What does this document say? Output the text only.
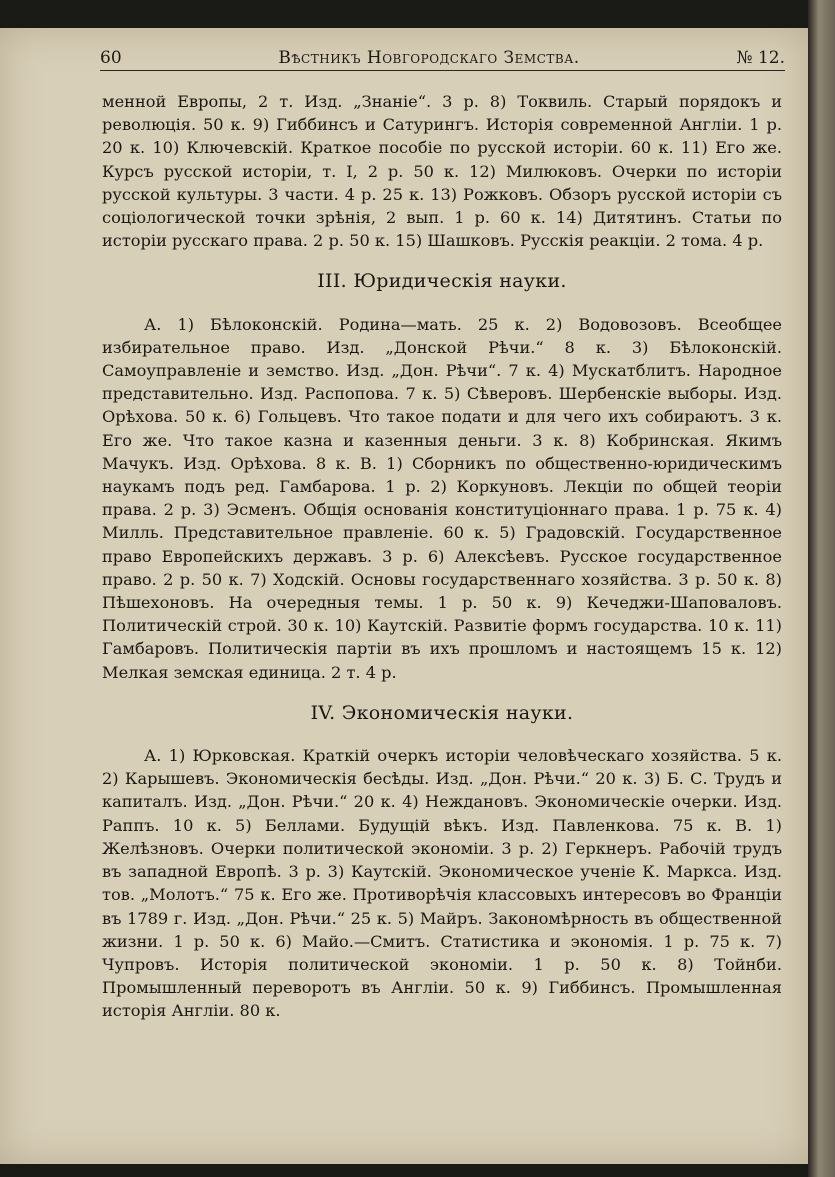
60	Вѣстникъ Новгородскаго Земства.	№ 12.

менной Европы, 2 т. Изд. „Знаніе“. 3 р. 8) Токвиль. Старый порядокъ и революція. 50 к. 9) Гиббинсъ и Сатурингъ. Исторія современной Англіи. 1 р. 20 к. 10) Ключевскій. Краткое пособіе по русской исторіи. 60 к. 11) Его же. Курсъ русской исторіи, т. I, 2 р. 50 к. 12) Милюковъ. Очерки по исторіи русской культуры. 3 части. 4 р. 25 к. 13) Рожковъ. Обзоръ русской исторіи съ соціологической точки зрѣнія, 2 вып. 1 р. 60 к. 14) Дитятинъ. Статьи по исторіи русскаго права. 2 р. 50 к. 15) Шашковъ. Русскія реакціи. 2 тома. 4 р.

III. Юридическія науки.

А. 1) Бѣлоконскій. Родина—мать. 25 к. 2) Водовозовъ. Всеобщее избирательное право. Изд. „Донской Рѣчи.“ 8 к. 3) Бѣлоконскій. Самоуправленіе и земство. Изд. „Дон. Рѣчи“. 7 к. 4) Мускатблитъ. Народное представительно. Изд. Распопова. 7 к. 5) Сѣверовъ. Шербенскіе выборы. Изд. Орѣхова. 50 к. 6) Гольцевъ. Что такое подати и для чего ихъ собираютъ. 3 к. Его же. Что такое казна и казенныя деньги. 3 к. 8) Кобринская. Якимъ Мачукъ. Изд. Орѣхова. 8 к. В. 1) Сборникъ по общественно-юридическимъ наукамъ подъ ред. Гамбарова. 1 р. 2) Коркуновъ. Лекціи по общей теоріи права. 2 р. 3) Эсменъ. Общія основанія конституціоннаго права. 1 р. 75 к. 4) Милль. Представительное правленіе. 60 к. 5) Градовскій. Государственное право Европейскихъ державъ. 3 р. 6) Алексѣевъ. Русское государственное право. 2 р. 50 к. 7) Ходскій. Основы государственнаго хозяйства. 3 р. 50 к. 8) Пѣшехоновъ. На очередныя темы. 1 р. 50 к. 9) Кечеджи-Шаповаловъ. Политическій строй. 30 к. 10) Каутскій. Развитіе формъ государства. 10 к. 11) Гамбаровъ. Политическія партіи въ ихъ прошломъ и настоящемъ 15 к. 12) Мелкая земская единица. 2 т. 4 р.

IV. Экономическія науки.

А. 1) Юрковская. Краткій очеркъ исторіи человѣческаго хозяйства. 5 к. 2) Карышевъ. Экономическія бесѣды. Изд. „Дон. Рѣчи.“ 20 к. 3) Б. С. Трудъ и капиталъ. Изд. „Дон. Рѣчи.“ 20 к. 4) Неждановъ. Экономическіе очерки. Изд. Раппъ. 10 к. 5) Беллами. Будущій вѣкъ. Изд. Павленкова. 75 к. В. 1) Желѣзновъ. Очерки политической экономіи. 3 р. 2) Геркнеръ. Рабочій трудъ въ западной Европѣ. 3 р. 3) Каутскій. Экономическое ученіе К. Маркса. Изд. тов. „Молотъ.“ 75 к. Его же. Противорѣчія классовыхъ интересовъ во Франціи въ 1789 г. Изд. „Дон. Рѣчи.“ 25 к. 5) Майръ. Закономѣрность въ общественной жизни. 1 р. 50 к. 6) Майо.—Смитъ. Статистика и экономія. 1 р. 75 к. 7) Чупровъ. Исторія политической экономіи. 1 р. 50 к. 8) Тойнби. Промышленный переворотъ въ Англіи. 50 к. 9) Гиббинсъ. Промышленная исторія Англіи. 80 к.
